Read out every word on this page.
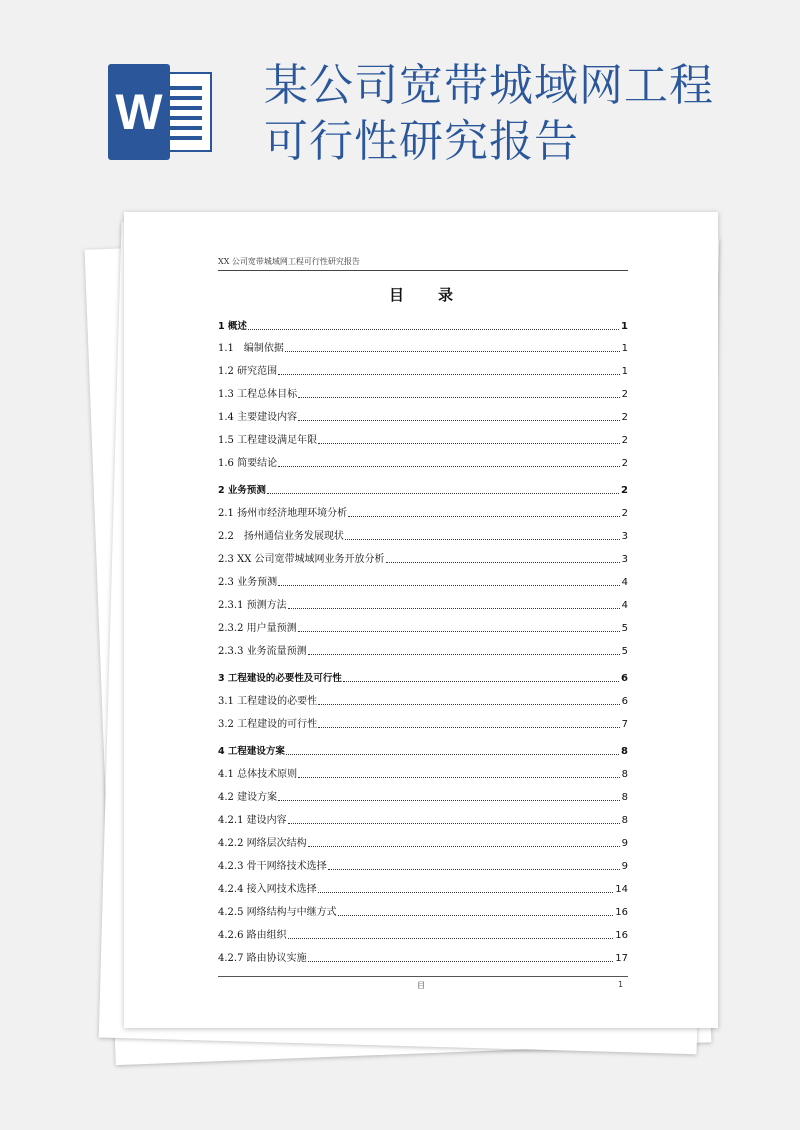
W 某公司宽带城域网工程
可行性研究报告
XX 公司宽带城域网工程可行性研究报告
目录
1 概述	1
1.1　编制依据	1
1.2 研究范围	1
1.3 工程总体目标	2
1.4 主要建设内容	2
1.5 工程建设满足年限	2
1.6 简要结论	2
2 业务预测	2
2.1 扬州市经济地理环境分析	2
2.2　扬州通信业务发展现状	3
2.3 XX 公司宽带城域网业务开放分析	3
2.3 业务预测	4
2.3.1 预测方法	4
2.3.2 用户量预测	5
2.3.3 业务流量预测	5
3 工程建设的必要性及可行性	6
3.1 工程建设的必要性	6
3.2 工程建设的可行性	7
4 工程建设方案	8
4.1 总体技术原则	8
4.2 建设方案	8
4.2.1 建设内容	8
4.2.2 网络层次结构	9
4.2.3 骨干网络技术选择	9
4.2.4 接入网技术选择	14
4.2.5 网络结构与中继方式	16
4.2.6 路由组织	16
4.2.7 路由协议实施	17
目	1
